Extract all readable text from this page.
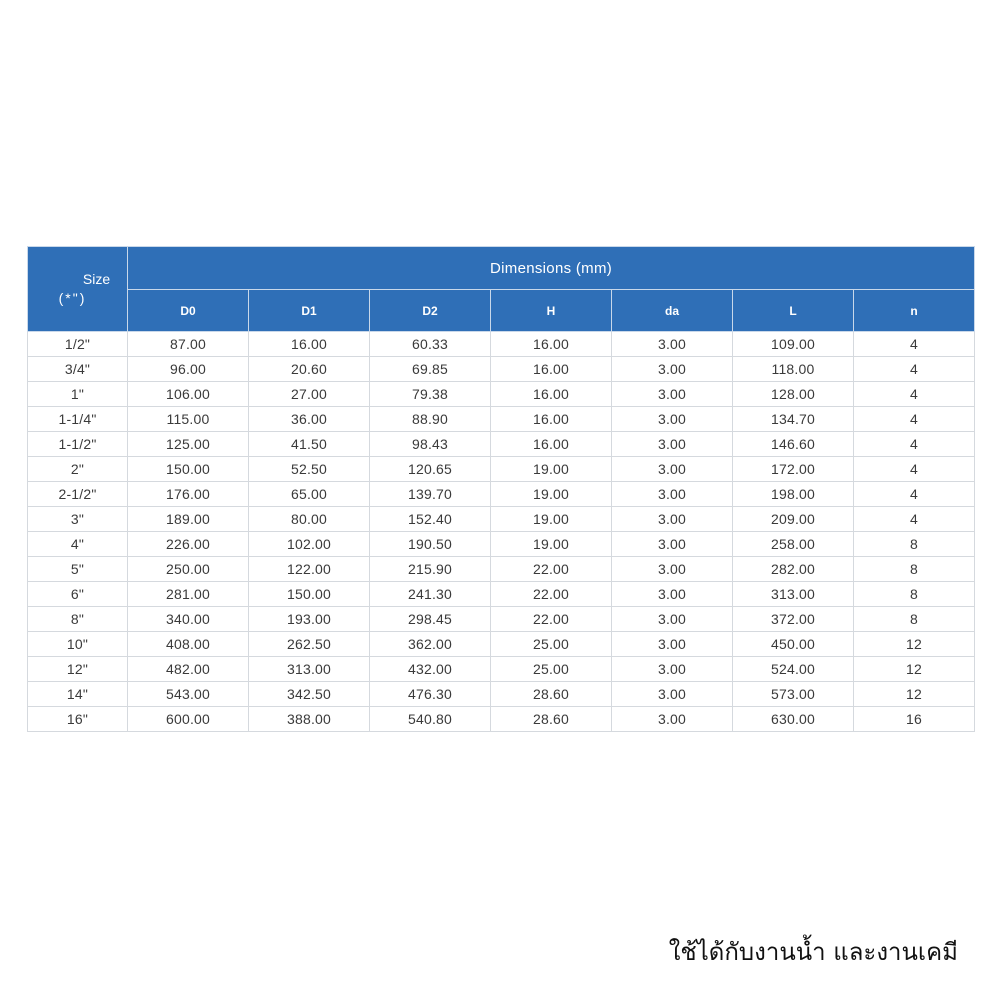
Size
(*")	Dimensions (mm)						
	D0	D1	D2	H	da	L	n
1/2"	87.00	16.00	60.33	16.00	3.00	109.00	4
3/4"	96.00	20.60	69.85	16.00	3.00	118.00	4
1"	106.00	27.00	79.38	16.00	3.00	128.00	4
1-1/4"	115.00	36.00	88.90	16.00	3.00	134.70	4
1-1/2"	125.00	41.50	98.43	16.00	3.00	146.60	4
2"	150.00	52.50	120.65	19.00	3.00	172.00	4
2-1/2"	176.00	65.00	139.70	19.00	3.00	198.00	4
3"	189.00	80.00	152.40	19.00	3.00	209.00	4
4"	226.00	102.00	190.50	19.00	3.00	258.00	8
5"	250.00	122.00	215.90	22.00	3.00	282.00	8
6"	281.00	150.00	241.30	22.00	3.00	313.00	8
8"	340.00	193.00	298.45	22.00	3.00	372.00	8
10"	408.00	262.50	362.00	25.00	3.00	450.00	12
12"	482.00	313.00	432.00	25.00	3.00	524.00	12
14"	543.00	342.50	476.30	28.60	3.00	573.00	12
16"	600.00	388.00	540.80	28.60	3.00	630.00	16
ใช้ได้กับงานน้ำ และงานเคมี
